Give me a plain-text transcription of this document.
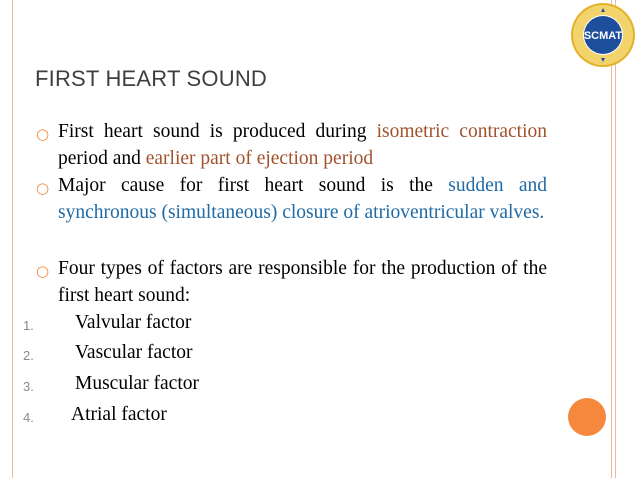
SCMAT
FIRST HEART SOUND
○ First heart sound is produced during isometric contraction period and earlier part of ejection period
○ Major cause for first heart sound is the sudden and synchronous (simultaneous) closure of atrioventricular valves.
○ Four types of factors are responsible for the production of the first heart sound:
1. Valvular factor
2. Vascular factor
3. Muscular factor
4. Atrial factor
